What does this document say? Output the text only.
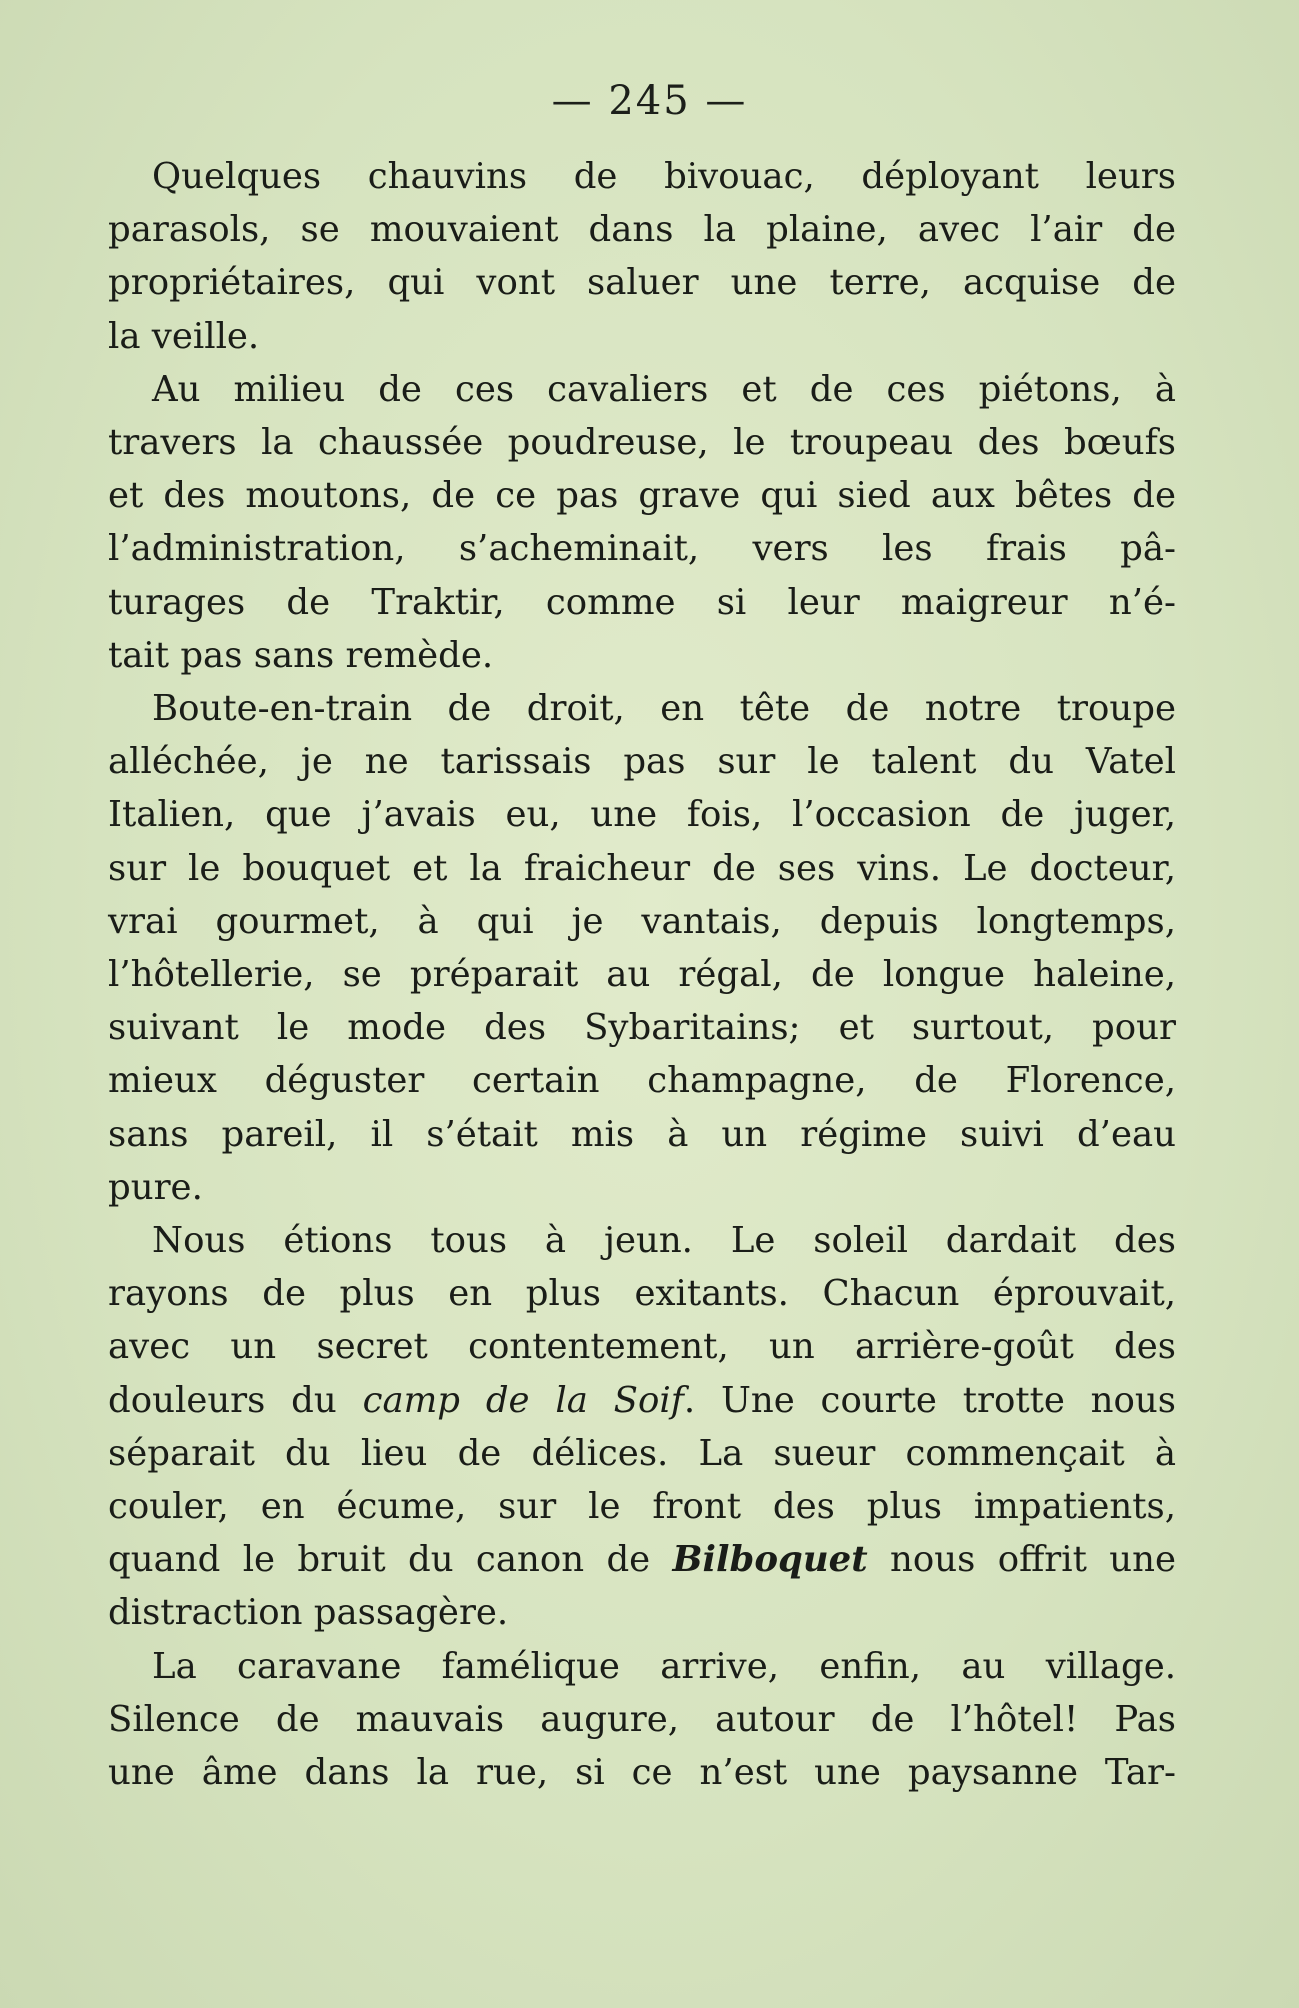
— 245 —
Quelques chauvins de bivouac, déployant leurs
parasols, se mouvaient dans la plaine, avec l’air de
propriétaires, qui vont saluer une terre, acquise de
la veille.
Au milieu de ces cavaliers et de ces piétons, à
travers la chaussée poudreuse, le troupeau des bœufs
et des moutons, de ce pas grave qui sied aux bêtes de
l’administration, s’acheminait, vers les frais pâ-
turages de Traktir, comme si leur maigreur n’é-
tait pas sans remède.
Boute-en-train de droit, en tête de notre troupe
alléchée, je ne tarissais pas sur le talent du Vatel
Italien, que j’avais eu, une fois, l’occasion de juger,
sur le bouquet et la fraicheur de ses vins. Le docteur,
vrai gourmet, à qui je vantais, depuis longtemps,
l’hôtellerie, se préparait au régal, de longue haleine,
suivant le mode des Sybaritains; et surtout, pour
mieux déguster certain champagne, de Florence,
sans pareil, il s’était mis à un régime suivi d’eau
pure.
Nous étions tous à jeun. Le soleil dardait des
rayons de plus en plus exitants. Chacun éprouvait,
avec un secret contentement, un arrière-goût des
douleurs du camp de la Soif. Une courte trotte nous
séparait du lieu de délices. La sueur commençait à
couler, en écume, sur le front des plus impatients,
quand le bruit du canon de Bilboquet nous offrit une
distraction passagère.
La caravane famélique arrive, enfin, au village.
Silence de mauvais augure, autour de l’hôtel! Pas
une âme dans la rue, si ce n’est une paysanne Tar-
